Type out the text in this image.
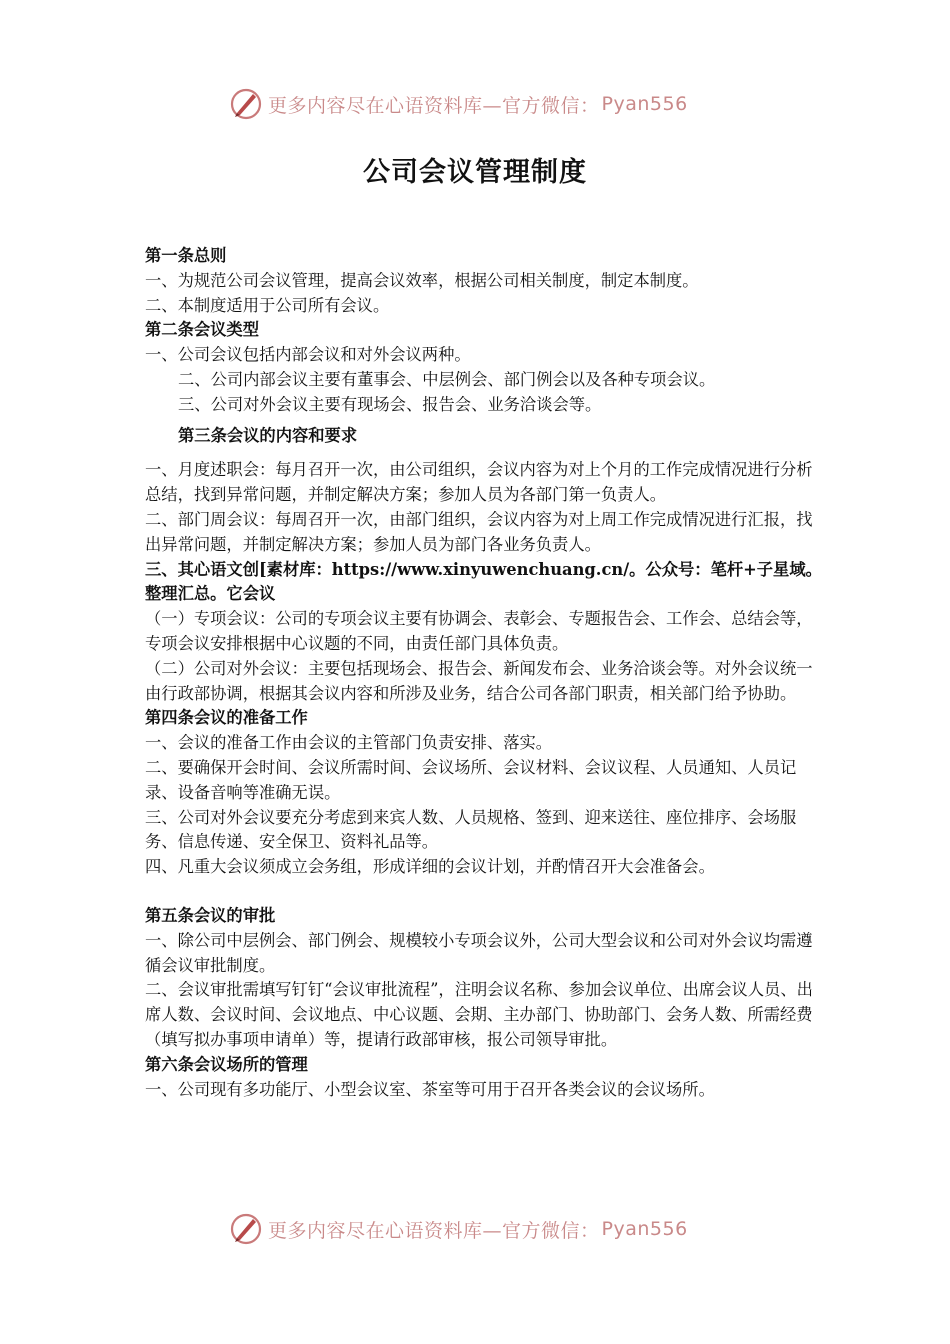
更多内容尽在心语资料库—官方微信： Pyan556
公司会议管理制度

第一条总则

一、为规范公司会议管理，提高会议效率，根据公司相关制度，制定本制度。

二、本制度适用于公司所有会议。

第二条会议类型

一、公司会议包括内部会议和对外会议两种。

二、公司内部会议主要有董事会、中层例会、部门例会以及各种专项会议。

三、公司对外会议主要有现场会、报告会、业务洽谈会等。

第三条会议的内容和要求

一、月度述职会：每月召开一次，由公司组织，会议内容为对上个月的工作完成情况进行分析总结，找到异常问题，并制定解决方案；参加人员为各部门第一负责人。

二、部门周会议：每周召开一次，由部门组织，会议内容为对上周工作完成情况进行汇报，找出异常问题，并制定解决方案；参加人员为部门各业务负责人。

三、其心语文创[素材库：https://www.xinyuwenchuang.cn/。公众号：笔杆+子星域。整理汇总。它会议

（一）专项会议：公司的专项会议主要有协调会、表彰会、专题报告会、工作会、总结会等，专项会议安排根据中心议题的不同，由责任部门具体负责。

（二）公司对外会议：主要包括现场会、报告会、新闻发布会、业务洽谈会等。对外会议统一由行政部协调，根据其会议内容和所涉及业务，结合公司各部门职责，相关部门给予协助。

第四条会议的准备工作

一、会议的准备工作由会议的主管部门负责安排、落实。

二、要确保开会时间、会议所需时间、会议场所、会议材料、会议议程、人员通知、人员记录、设备音响等准确无误。

三、公司对外会议要充分考虑到来宾人数、人员规格、签到、迎来送往、座位排序、会场服务、信息传递、安全保卫、资料礼品等。

四、凡重大会议须成立会务组，形成详细的会议计划，并酌情召开大会准备会。

第五条会议的审批

一、除公司中层例会、部门例会、规模较小专项会议外，公司大型会议和公司对外会议均需遵循会议审批制度。

二、会议审批需填写钉钉“会议审批流程”，注明会议名称、参加会议单位、出席会议人员、出席人数、会议时间、会议地点、中心议题、会期、主办部门、协助部门、会务人数、所需经费（填写拟办事项申请单）等，提请行政部审核，报公司领导审批。

第六条会议场所的管理

一、公司现有多功能厅、小型会议室、茶室等可用于召开各类会议的会议场所。

更多内容尽在心语资料库—官方微信： Pyan556
